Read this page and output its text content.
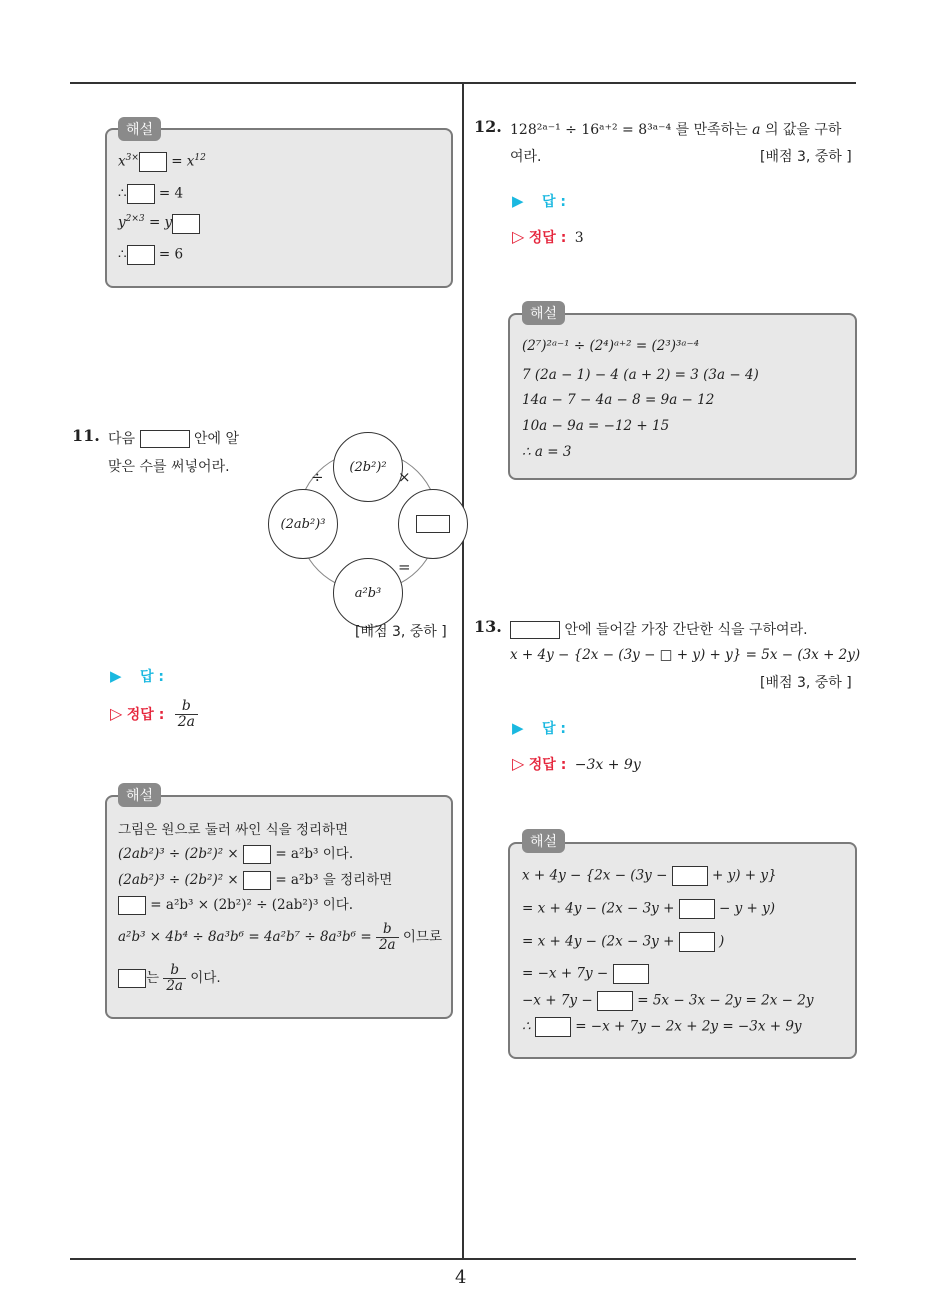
4
해설
$x^{3\times} = x^{12}$
∴ = 4
$y^{2\times 3} = y$
∴ = 6
11. 다음	안에 알
맞은 수를 써넣어라.	(2b²)²
(2ab²)³
a²b³
÷	×
=
[배점 3, 중하 ]
▶ 답 :
▷ 정답 : $\frac{b}{2a}$
해설
그림은 원으로 둘러 싸인 식을 정리하면
(2ab²)³ ÷ (2b²)² ×	= a²b³ 이다.
(2ab²)³ ÷ (2b²)² ×	= a²b³ 을 정리하면
= a²b³ × (2b²)² ÷ (2ab²)³ 이다.
$a^2b^3 \times 4b^4 \div 8a^3b^6 = 4a^2b^7 \div 8a^3b^6 = \frac{b}{2a}$ 이므로
는 $\frac{b}{2a}$ 이다.
12. 128²ᵃ⁻¹ ÷ 16ᵃ⁺² = 8³ᵃ⁻⁴ 를 만족하는 a 의 값을 구하
여라.	[배점 3, 중하 ]
▶ 답 :
▷ 정답 : 3
해설
(2⁷)²ᵃ⁻¹ ÷ (2⁴)ᵃ⁺² = (2³)³ᵃ⁻⁴
7 (2a − 1) − 4 (a + 2) = 3 (3a − 4)
14a − 7 − 4a − 8 = 9a − 12
10a − 9a = −12 + 15
∴ a = 3
13.	안에 들어갈 가장 간단한 식을 구하여라.
x + 4y − {2x − (3y − □ + y) + y} = 5x − (3x + 2y)
[배점 3, 중하 ]
▶ 답 :
▷ 정답 : −3x + 9y
해설
x + 4y − {2x − (3y −	+ y) + y}
= x + 4y − (2x − 3y +	− y + y)
= x + 4y − (2x − 3y +	)
= −x + 7y −
−x + 7y −	= 5x − 3x − 2y = 2x − 2y
∴	= −x + 7y − 2x + 2y = −3x + 9y
